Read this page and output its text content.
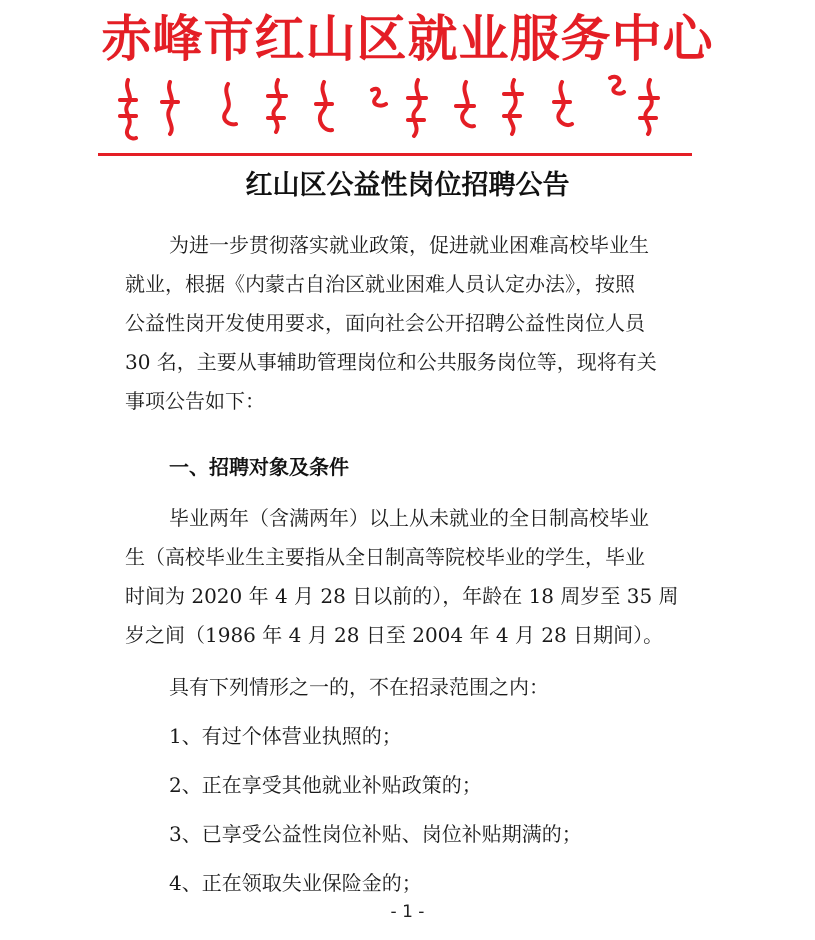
赤峰市红山区就业服务中心
红山区公益性岗位招聘公告

为进一步贯彻落实就业政策，促进就业困难高校毕业生

就业，根据《内蒙古自治区就业困难人员认定办法》，按照

公益性岗开发使用要求，面向社会公开招聘公益性岗位人员

30 名，主要从事辅助管理岗位和公共服务岗位等，现将有关

事项公告如下：

一、招聘对象及条件

毕业两年（含满两年）以上从未就业的全日制高校毕业

生（高校毕业生主要指从全日制高等院校毕业的学生，毕业

时间为 2020 年 4 月 28 日以前的），年龄在 18 周岁至 35 周

岁之间（1986 年 4 月 28 日至 2004 年 4 月 28 日期间）。

具有下列情形之一的，不在招录范围之内：
1、有过个体营业执照的；
2、正在享受其他就业补贴政策的；
3、已享受公益性岗位补贴、岗位补贴期满的；
4、正在领取失业保险金的；
- 1 -
